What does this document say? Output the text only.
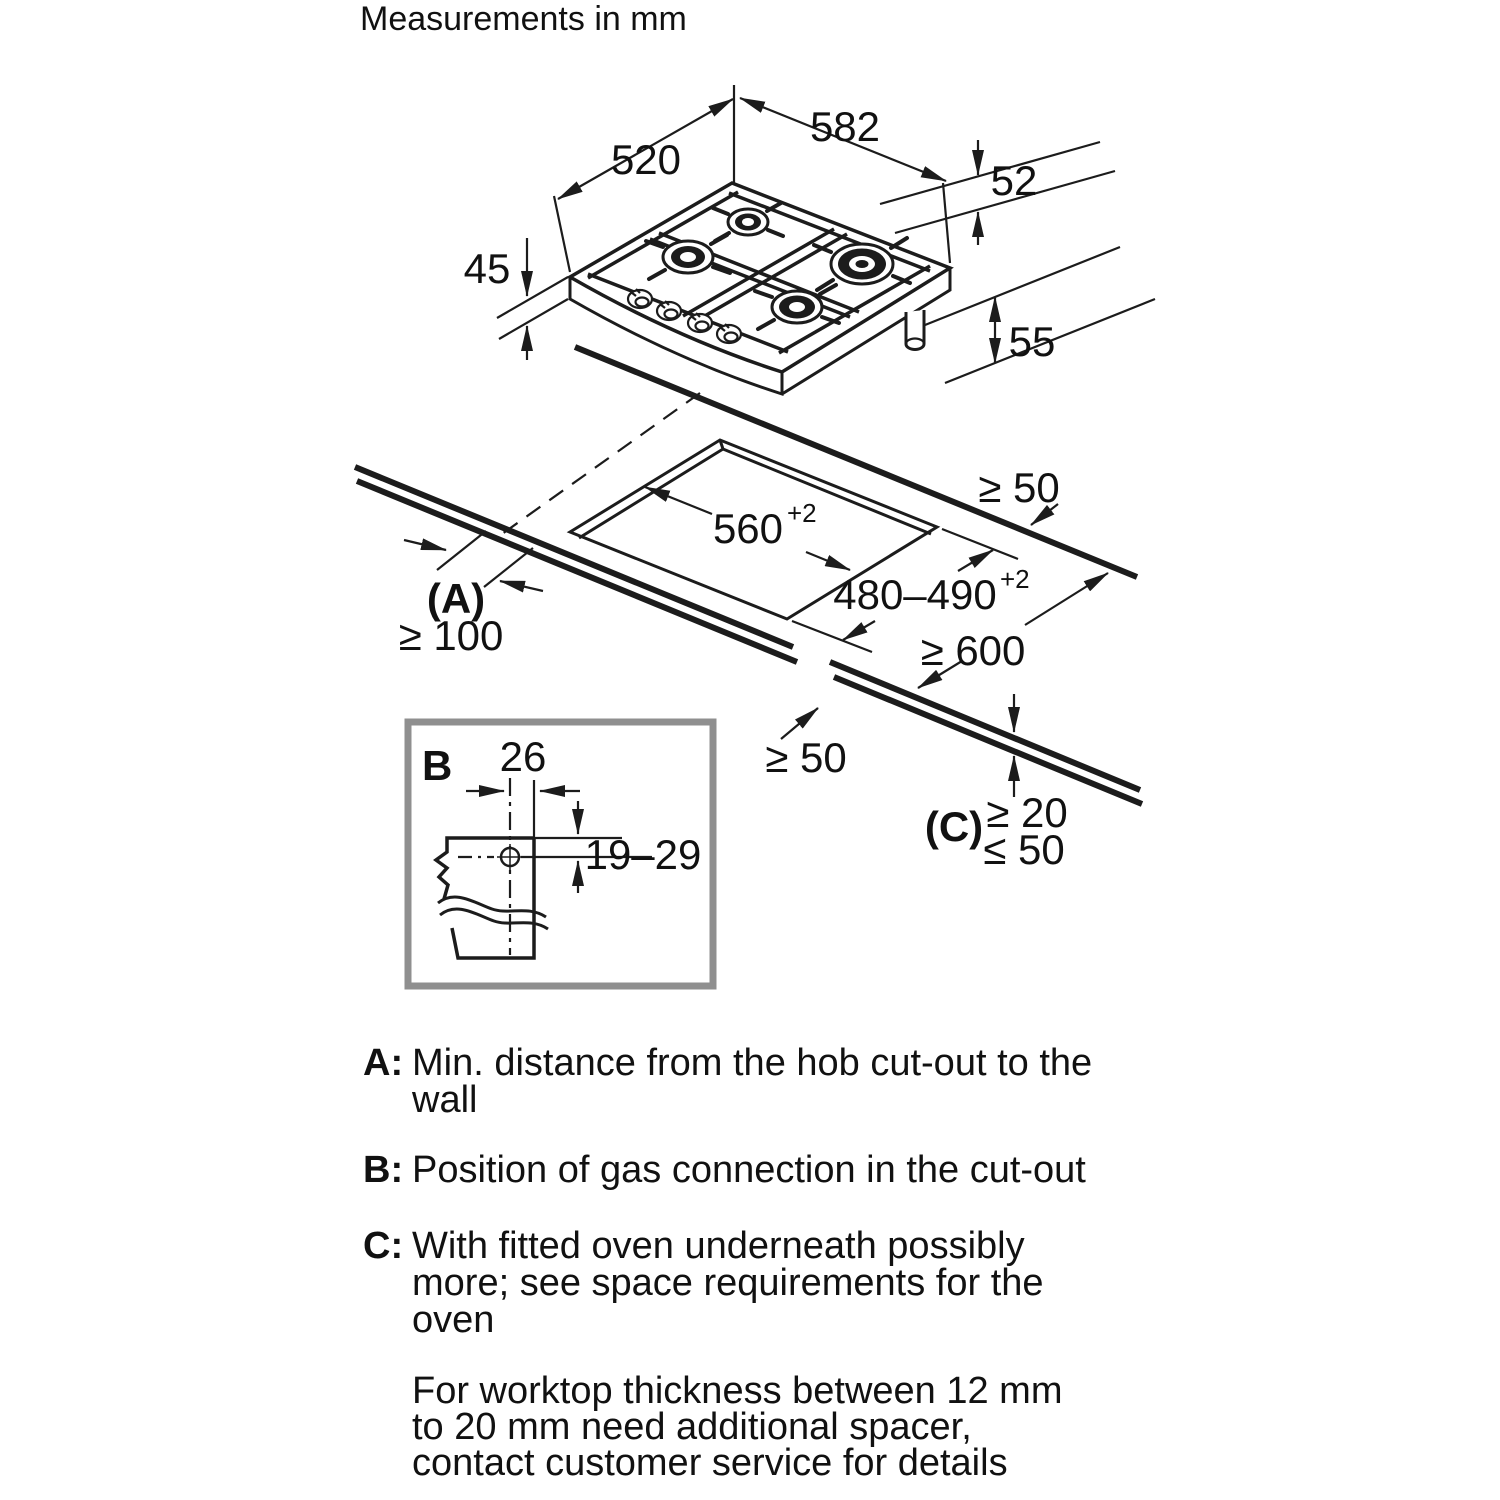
Measurements in mm
520
582
52
45
55
560 +2
480–490 +2
≥ 600
≥ 50
≥ 50
(A)
≥ 100
(C) ≥ 20
≤ 50
B 26
19–29
A: Min. distance from the hob cut-out to the
wall
B: Position of gas connection in the cut-out
C: With fitted oven underneath possibly
more; see space requirements for the
oven
For worktop thickness between 12 mm
to 20 mm need additional spacer,
contact customer service for details
